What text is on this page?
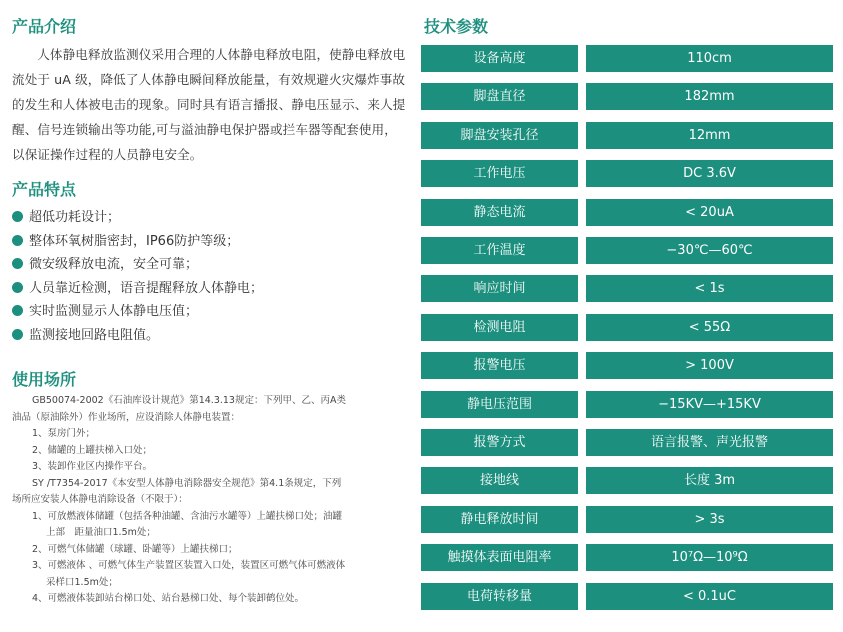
产品介绍

人体静电释放监测仪采用合理的人体静电释放电阻，使静电释放电流处于 uA 级，降低了人体静电瞬间释放能量，有效规避火灾爆炸事故的发生和人体被电击的现象。同时具有语言播报、静电压显示、来人提醒、信号连锁输出等功能,可与溢油静电保护器或拦车器等配套使用，以保证操作过程的人员静电安全。

产品特点
超低功耗设计；
整体环氧树脂密封，IP66防护等级；
微安级释放电流，安全可靠；
人员靠近检测，语音提醒释放人体静电；
实时监测显示人体静电压值；
监测接地回路电阻值。
使用场所
GB50074-2002《石油库设计规范》第14.3.13规定：下列甲、乙、丙A类
油品（原油除外）作业场所，应设消除人体静电装置：
1、泵房门外；
2、储罐的上罐扶梯入口处；
3、装卸作业区内操作平台。
SY /T7354-2017《本安型人体静电消除器安全规范》第4.1条规定，下列
场所应安装人体静电消除设备（不限于）：
1、可放燃液体储罐（包括各种油罐、含油污水罐等）上罐扶梯口处；油罐
上部　距量油口1.5m处；
2、可燃气体储罐（球罐、卧罐等）上罐扶梯口；
3、可燃液体 、可燃气体生产装置区装置入口处，装置区可燃气体可燃液体
采样口1.5m处；
4、可燃液体装卸站台梯口处、站台悬梯口处、每个装卸鹤位处。
技术参数
设备高度	110cm
脚盘直径	182mm
脚盘安装孔径	12mm
工作电压	DC 3.6V
静态电流	< 20uA
工作温度	−30℃—60℃
响应时间	< 1s
检测电阻	< 55Ω
报警电压	> 100V
静电压范围	−15KV—+15KV
报警方式	语言报警、声光报警
接地线	长度 3m
静电释放时间	> 3s
触摸体表面电阻率	10⁷Ω—10⁹Ω
电荷转移量	< 0.1uC
